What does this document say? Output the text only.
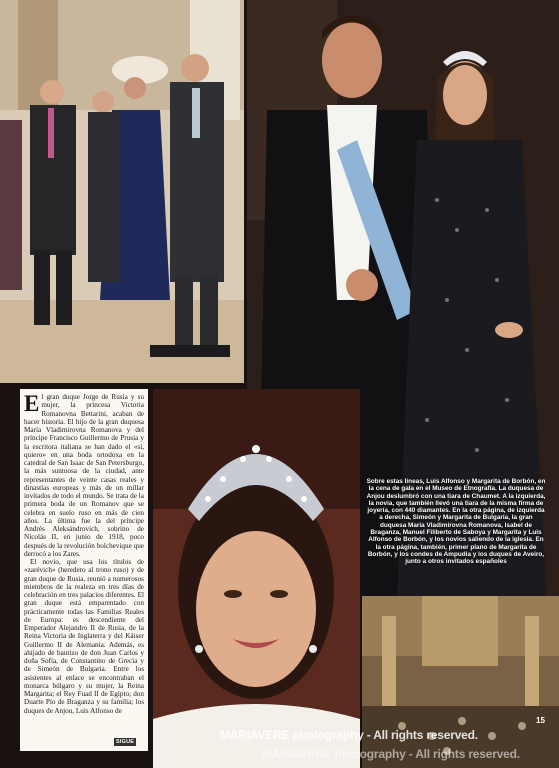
El gran duque Jorge de Rusia y su mujer, la princesa Victoria Romanovna Bettarini, acaban de hacer historia. El hijo de la gran duquesa María Vladimirovna Romanova y del príncipe Francisco Guillermo de Prusia y la escritora italiana se han dado el «sí, quiero» en una boda ortodoxa en la catedral de San Isaac de San Petersburgo, la más suntuosa de la ciudad, ante representantes de veinte casas reales y dinastías europeas y más de un millar invitados de todo el mundo. Se trata de la primera boda de un Romanov que se celebra en suelo ruso en más de cien años. La última fue la del príncipe Andrés Aleksándrovich, sobrino de Nicolás II, en junio de 1918, poco después de la revolución bolchevique que derrocó a los Zares.

El novio, que usa los títulos de «zarévich» (heredero al trono ruso) y de gran duque de Rusia, reunió a numerosos miembros de la realeza en tres días de celebración en tres palacios diferentes. El gran duque está emparentado con prácticamente todas las Familias Reales de Europa: es descendiente del Emperador Alejandro II de Rusia, de la Reina Victoria de Inglaterra y del Káiser Guillermo II de Alemania. Además, es ahijado de bautizo de don Juan Carlos y doña Sofía, de Constantino de Grecia y de Simeón de Bulgaria. Entre los asistentes al enlace se encontraban el monarca búlgaro y su mujer, la Reina Margarita; el Rey Fuad II de Egipto; don Duarte Pío de Braganza y su familia; los duques de Anjou, Luis Alfonso de

SIGUE

Sobre estas líneas, Luis Alfonso y Margarita de Borbón, en la cena de gala en el Museo de Etnografía. La duquesa de Anjou deslumbró con una tiara de Chaumet. A la izquierda, la novia, que también llevó una tiara de la misma firma de joyería, con 440 diamantes. En la otra página, de izquierda a derecha, Simeón y Margarita de Bulgaria, la gran duquesa María Vladimirovna Romanova, Isabel de Braganza, Manuel Filiberto de Saboya y Margarita y Luis Alfonso de Borbón, y los novios saliendo de la iglesia. En la otra página, también, primer plano de Margarita de Borbón, y los condes de Ampudia y los duques de Aveiro, junto a otros invitados españoles

15
MARIAVERE photography - All rights reserved.
MARIAVERE photography - All rights reserved.
